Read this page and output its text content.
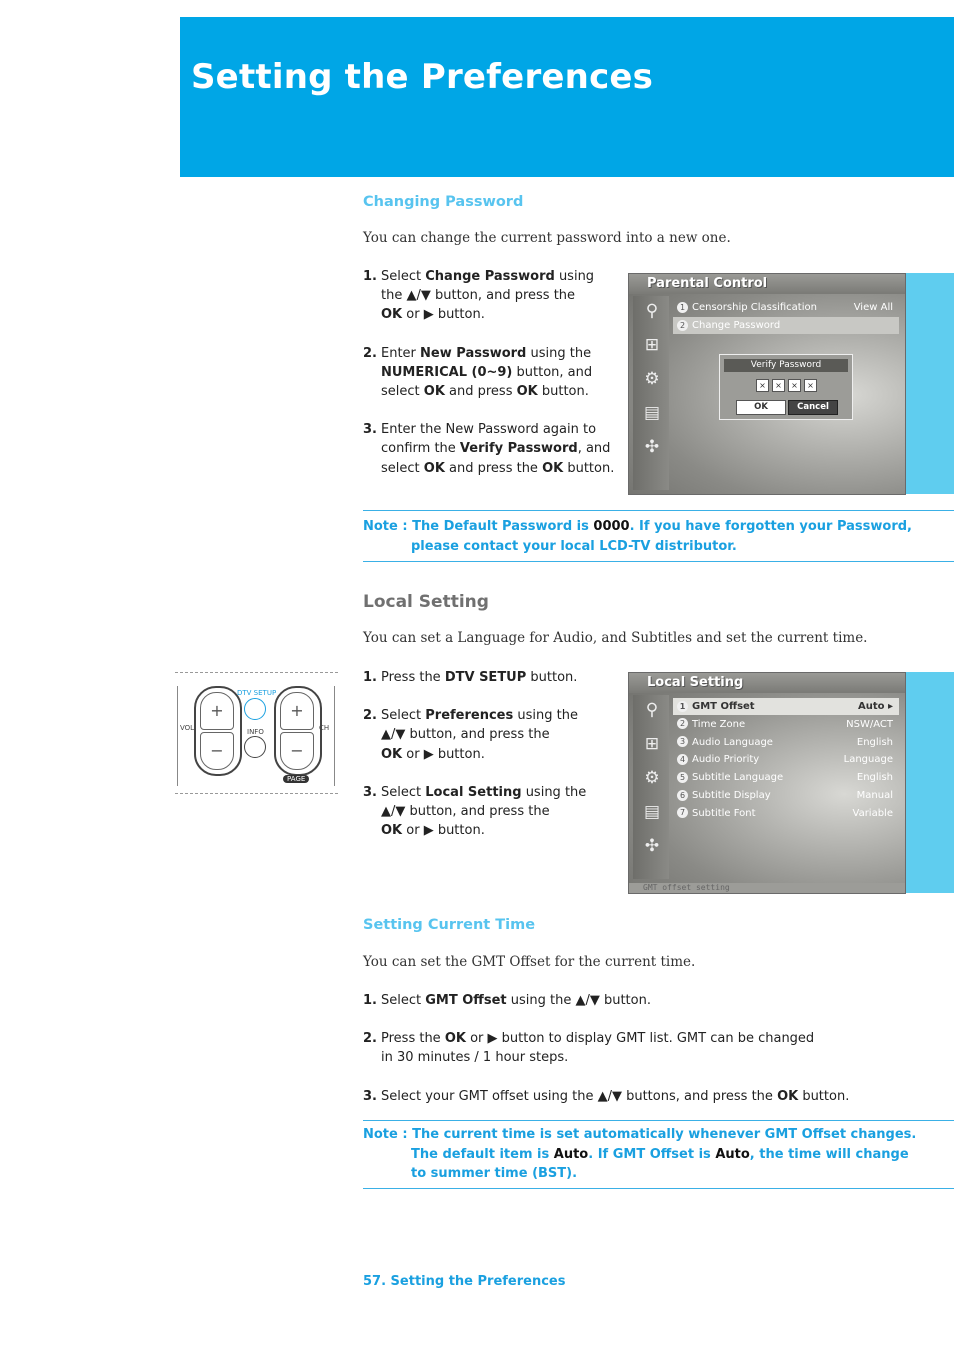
Setting the Preferences
Changing Password
You can change the current password into a new one.
1. Select Change Password using
the ▲/▼ button, and press the
OK or ▶ button.
2. Enter New Password using the
NUMERICAL (0~9) button, and
select OK and press OK button.
3. Enter the New Password again to
confirm the Verify Password, and
select OK and press the OK button.
Parental Control
⚲
⊞
⚙
▤
✣
1 Censorship Classification	View All
2 Change Password
Verify Password
×	×	×	×
OK	Cancel
Note : The Default Password is 0000. If you have forgotten your Password,
please contact your local LCD-TV distributor.
Local Setting
You can set a Language for Audio, and Subtitles and set the current time.
1. Press the DTV SETUP button.
2. Select Preferences using the
▲/▼ button, and press the
OK or ▶ button.
3. Select Local Setting using the
▲/▼ button, and press the
OK or ▶ button.
+
−
+
−
DTV SETUP
INFO
VOL	CH
PAGE
Local Setting
⚲
⊞
⚙
▤
✣
1 GMT Offset	Auto ▸
2 Time Zone	NSW/ACT
3 Audio Language	English
4 Audio Priority	Language
5 Subtitle Language	English
6 Subtitle Display	Manual
7 Subtitle Font	Variable
GMT offset setting
Setting Current Time
You can set the GMT Offset for the current time.
1. Select GMT Offset using the ▲/▼ button.
2. Press the OK or ▶ button to display GMT list. GMT can be changed
in 30 minutes / 1 hour steps.
3. Select your GMT offset using the ▲/▼ buttons, and press the OK button.
Note : The current time is set automatically whenever GMT Offset changes.
The default item is Auto. If GMT Offset is Auto, the time will change
to summer time (BST).
57. Setting the Preferences
